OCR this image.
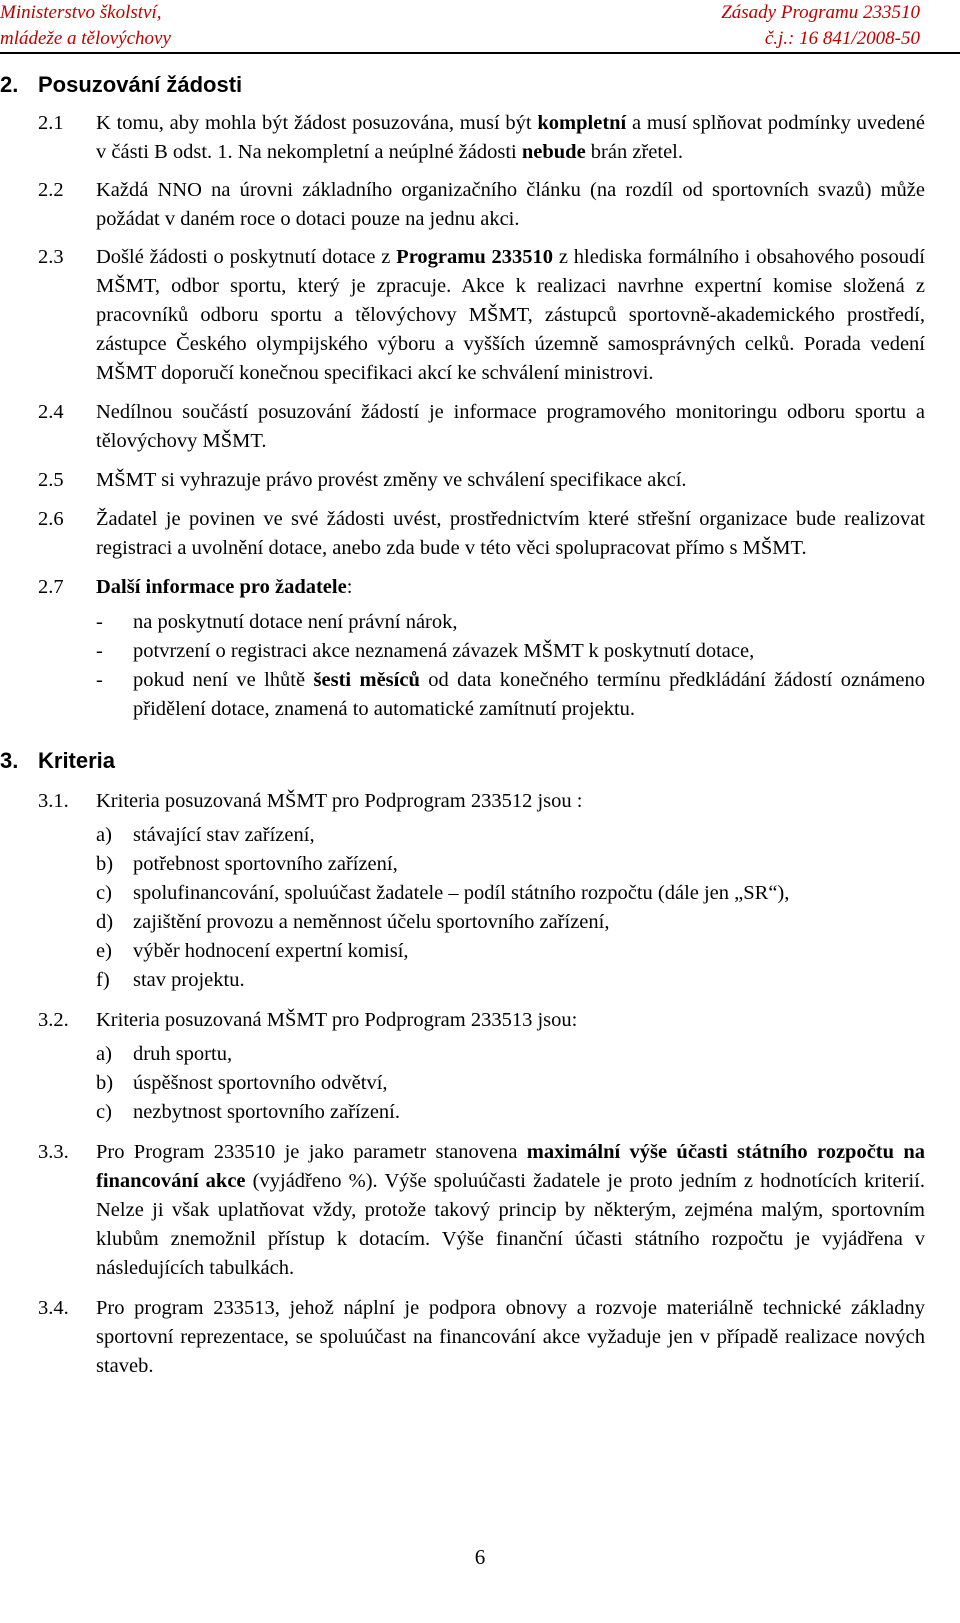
Ministerstvo školství,
mládeže a tělovýchovy
Zásady Programu 233510
č.j.: 16 841/2008-50
2. Posuzování žádosti
2.1 K tomu, aby mohla být žádost posuzována, musí být kompletní a musí splňovat podmínky uvedené v části B odst. 1. Na nekompletní a neúplné žádosti nebude brán zřetel.
2.2 Každá NNO na úrovni základního organizačního článku (na rozdíl od sportovních svazů) může požádat v daném roce o dotaci pouze na jednu akci.
2.3 Došlé žádosti o poskytnutí dotace z Programu 233510 z hlediska formálního i obsahového posoudí MŠMT, odbor sportu, který je zpracuje. Akce k realizaci navrhne expertní komise složená z pracovníků odboru sportu a tělovýchovy MŠMT, zástupců sportovně-akademického prostředí, zástupce Českého olympijského výboru a vyšších územně samosprávných celků. Porada vedení MŠMT doporučí konečnou specifikaci akcí ke schválení ministrovi.
2.4 Nedílnou součástí posuzování žádostí je informace programového monitoringu odboru sportu a tělovýchovy MŠMT.
2.5 MŠMT si vyhrazuje právo provést změny ve schválení specifikace akcí.
2.6 Žadatel je povinen ve své žádosti uvést, prostřednictvím které střešní organizace bude realizovat registraci a uvolnění dotace, anebo zda bude v této věci spolupracovat přímo s MŠMT.
2.7 Další informace pro žadatele:
- na poskytnutí dotace není právní nárok,
- potvrzení o registraci akce neznamená závazek MŠMT k poskytnutí dotace,
- pokud není ve lhůtě šesti měsíců od data konečného termínu předkládání žádostí oznámeno přidělení dotace, znamená to automatické zamítnutí projektu.
3. Kriteria
3.1. Kriteria posuzovaná MŠMT pro Podprogram 233512 jsou :
a) stávající stav zařízení,
b) potřebnost sportovního zařízení,
c) spolufinancování, spoluúčast žadatele – podíl státního rozpočtu (dále jen „SR“),
d) zajištění provozu a neměnnost účelu sportovního zařízení,
e) výběr hodnocení expertní komisí,
f) stav projektu.
3.2. Kriteria posuzovaná MŠMT pro Podprogram 233513 jsou:
a) druh sportu,
b) úspěšnost sportovního odvětví,
c) nezbytnost sportovního zařízení.
3.3. Pro Program 233510 je jako parametr stanovena maximální výše účasti státního rozpočtu na financování akce (vyjádřeno %). Výše spoluúčasti žadatele je proto jedním z hodnotících kriterií. Nelze ji však uplatňovat vždy, protože takový princip by některým, zejména malým, sportovním klubům znemožnil přístup k dotacím. Výše finanční účasti státního rozpočtu je vyjádřena v následujících tabulkách.
3.4. Pro program 233513, jehož náplní je podpora obnovy a rozvoje materiálně technické základny sportovní reprezentace, se spoluúčast na financování akce vyžaduje jen v případě realizace nových staveb.
6
